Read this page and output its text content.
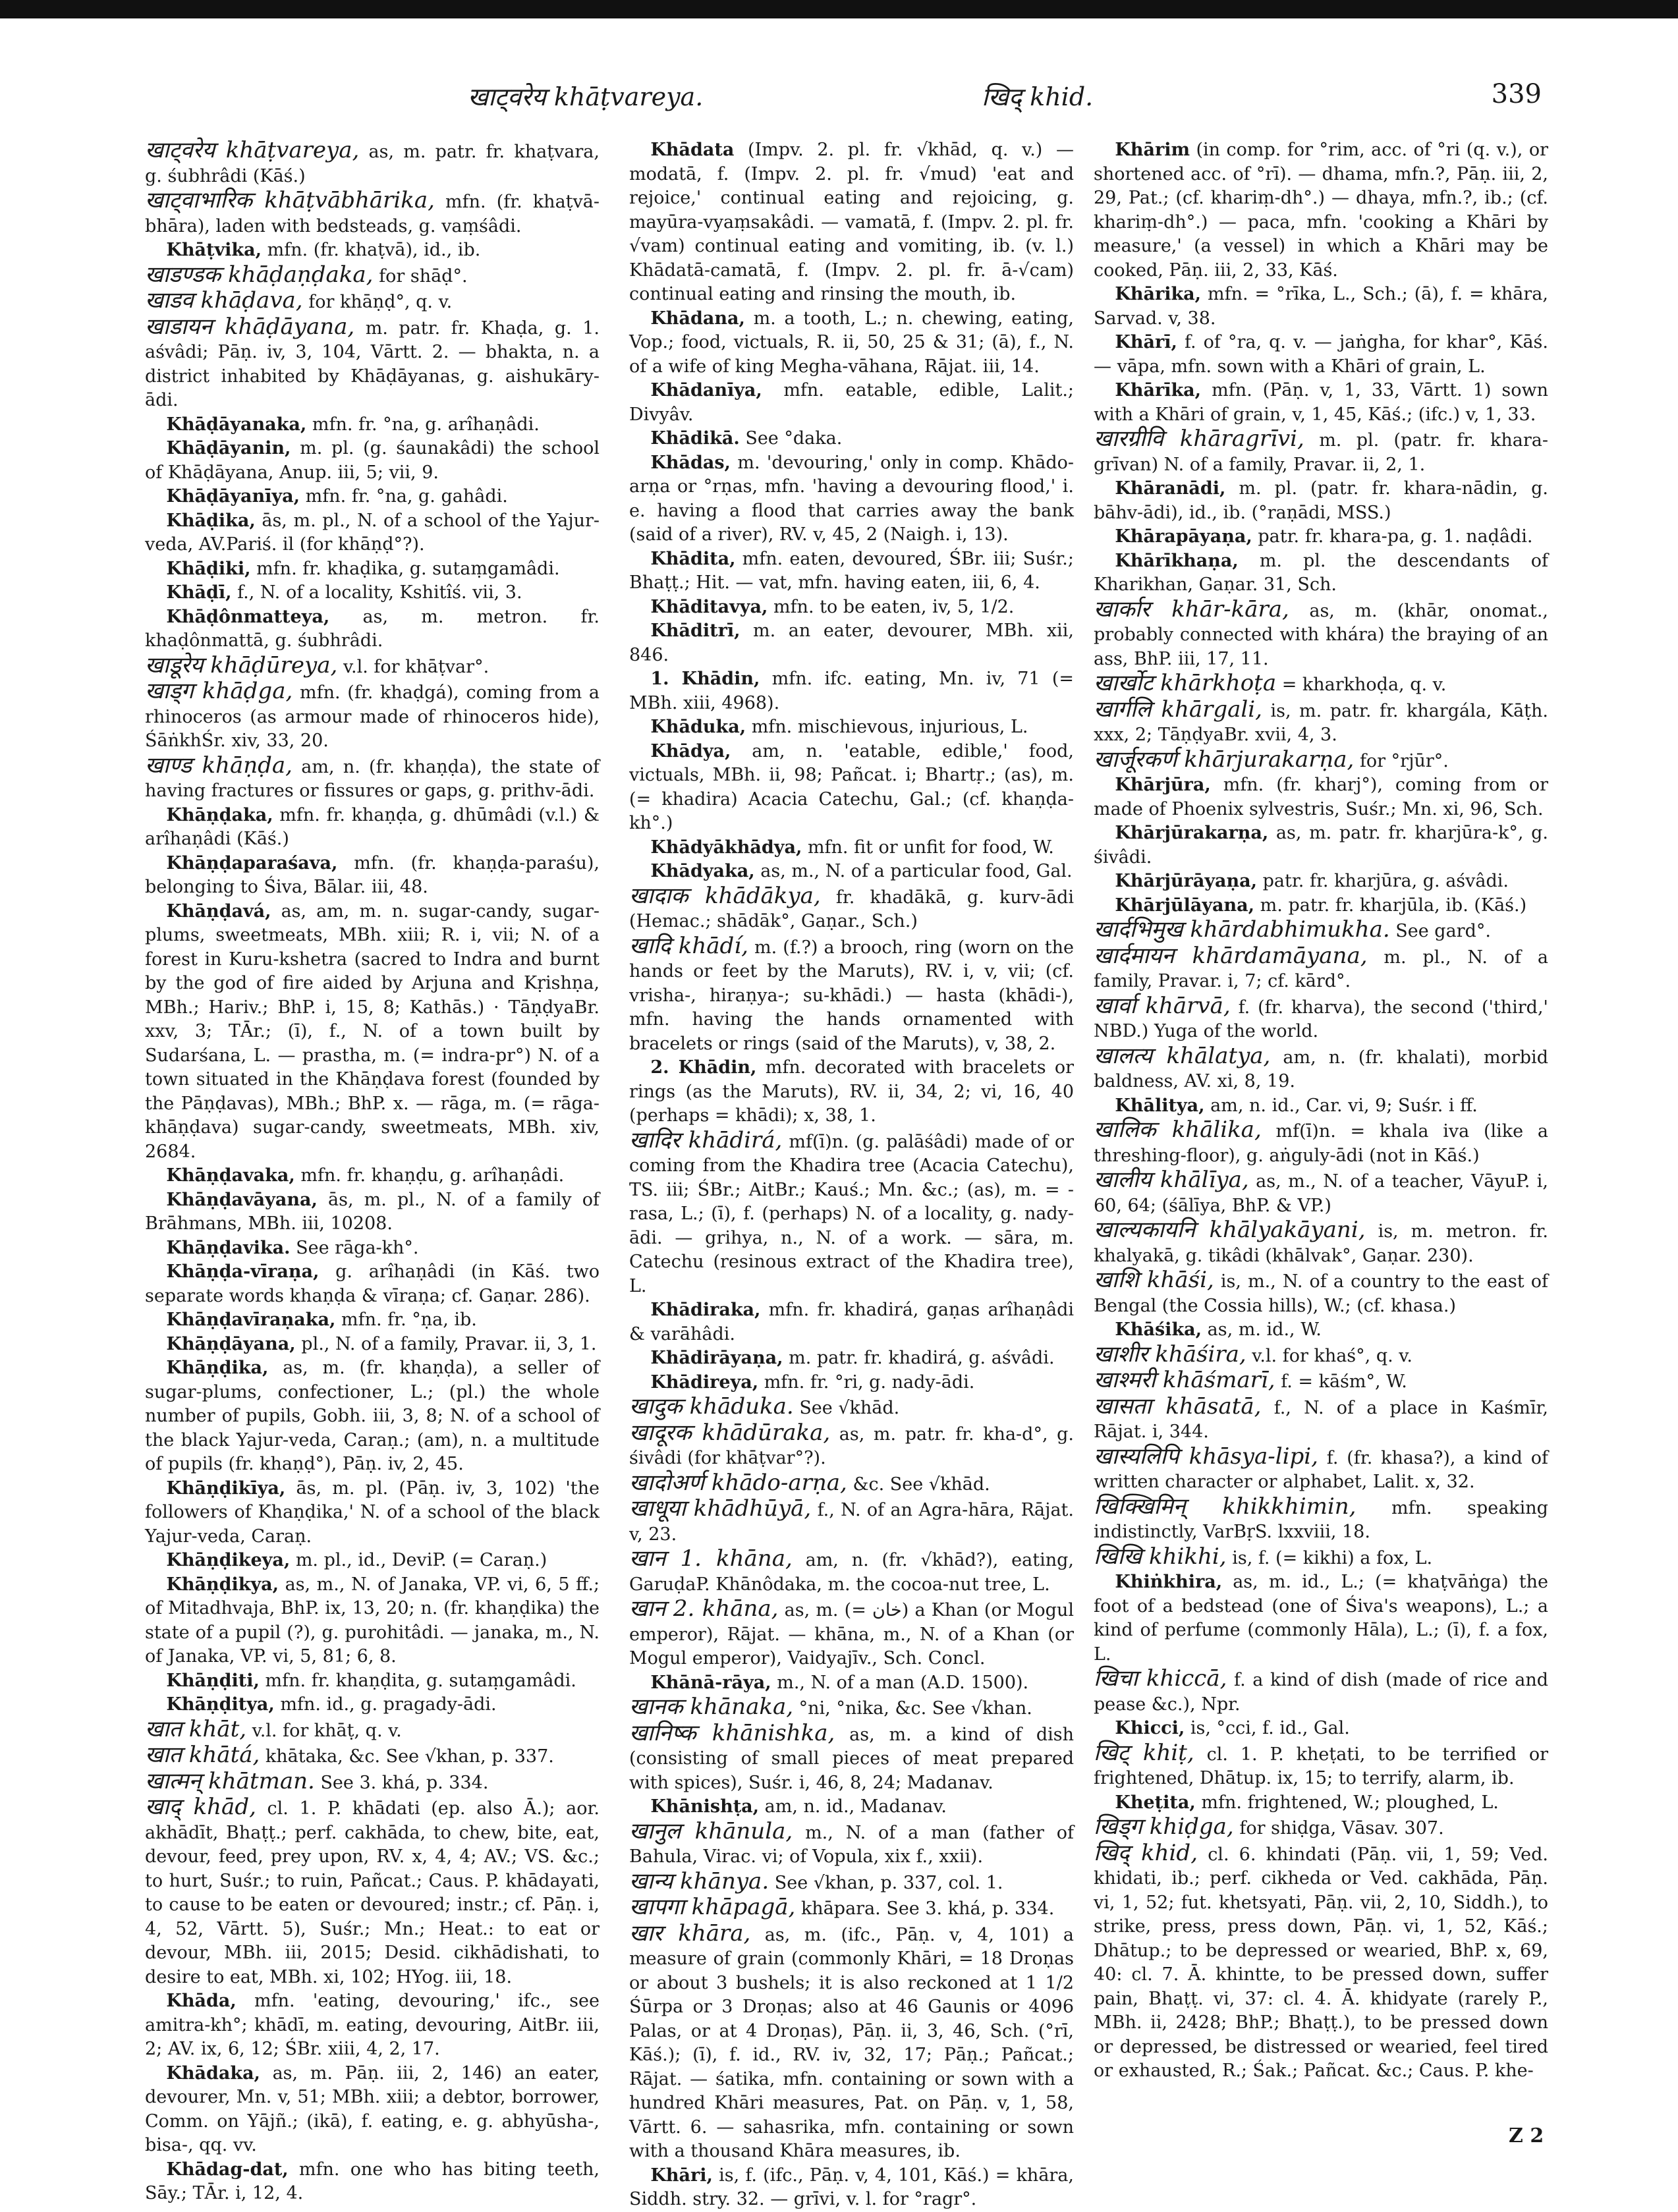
खाट्वरेय khāṭvareya.	खिद् khid.	339

खाट्वरेय khāṭvareya, as, m. patr. fr. khaṭvara, g. śubhrâdi (Kāś.)

खाट्वाभारिक khāṭvābhārika, mfn. (fr. khaṭvā-bhāra), laden with bedsteads, g. vaṃśâdi.

Khāṭvika, mfn. (fr. khaṭvā), id., ib.

खाडण्डक khāḍaṇḍaka, for shāḍ°.

खाडव khāḍava, for khāṇḍ°, q. v.

खाडायन khāḍāyana, m. patr. fr. Khaḍa, g. 1. aśvâdi; Pāṇ. iv, 3, 104, Vārtt. 2. — bhakta, n. a district inhabited by Khāḍāyanas, g. aishukāry-ādi.

Khāḍāyanaka, mfn. fr. °na, g. arîhaṇâdi.

Khāḍāyanin, m. pl. (g. śaunakâdi) the school of Khāḍāyana, Anup. iii, 5; vii, 9.

Khāḍāyanīya, mfn. fr. °na, g. gahâdi.

Khāḍika, ās, m. pl., N. of a school of the Yajur-veda, AV.Pariś. il (for khāṇḍ°?).

Khāḍiki, mfn. fr. khaḍika, g. sutaṃgamâdi.

Khāḍī, f., N. of a locality, Kshitîś. vii, 3.

Khāḍônmatteya, as, m. metron. fr. khaḍônmattā, g. śubhrâdi.

खाडूरेय khāḍūreya, v.l. for khāṭvar°.

खाड्ग khāḍga, mfn. (fr. khaḍgá), coming from a rhinoceros (as armour made of rhinoceros hide), ŚāṅkhŚr. xiv, 33, 20.

खाण्ड khāṇḍa, am, n. (fr. khaṇḍa), the state of having fractures or fissures or gaps, g. prithv-ādi.

Khāṇḍaka, mfn. fr. khaṇḍa, g. dhūmâdi (v.l.) & arîhaṇâdi (Kāś.)

Khāṇḍaparaśava, mfn. (fr. khaṇḍa-paraśu), belonging to Śiva, Bālar. iii, 48.

Khāṇḍavá, as, am, m. n. sugar-candy, sugar-plums, sweetmeats, MBh. xiii; R. i, vii; N. of a forest in Kuru-kshetra (sacred to Indra and burnt by the god of fire aided by Arjuna and Kṛishṇa, MBh.; Hariv.; BhP. i, 15, 8; Kathās.) · TāṇḍyaBr. xxv, 3; TĀr.; (ī), f., N. of a town built by Sudarśana, L. — prastha, m. (= indra-pr°) N. of a town situated in the Khāṇḍava forest (founded by the Pāṇḍavas), MBh.; BhP. x. — rāga, m. (= rāga-khāṇḍava) sugar-candy, sweetmeats, MBh. xiv, 2684.

Khāṇḍavaka, mfn. fr. khaṇḍu, g. arîhaṇâdi.

Khāṇḍavāyana, ās, m. pl., N. of a family of Brāhmans, MBh. iii, 10208.

Khāṇḍavika. See rāga-kh°.

Khāṇḍa-vīraṇa, g. arîhaṇâdi (in Kāś. two separate words khaṇḍa & vīraṇa; cf. Gaṇar. 286).

Khāṇḍavīraṇaka, mfn. fr. °ṇa, ib.

Khāṇḍāyana, pl., N. of a family, Pravar. ii, 3, 1.

Khāṇḍika, as, m. (fr. khaṇḍa), a seller of sugar-plums, confectioner, L.; (pl.) the whole number of pupils, Gobh. iii, 3, 8; N. of a school of the black Yajur-veda, Caraṇ.; (am), n. a multitude of pupils (fr. khaṇḍ°), Pāṇ. iv, 2, 45.

Khāṇḍikīya, ās, m. pl. (Pāṇ. iv, 3, 102) 'the followers of Khaṇḍika,' N. of a school of the black Yajur-veda, Caraṇ.

Khāṇḍikeya, m. pl., id., DeviP. (= Caraṇ.)

Khāṇḍikya, as, m., N. of Janaka, VP. vi, 6, 5 ff.; of Mitadhvaja, BhP. ix, 13, 20; n. (fr. khaṇḍika) the state of a pupil (?), g. purohitâdi. — janaka, m., N. of Janaka, VP. vi, 5, 81; 6, 8.

Khāṇḍiti, mfn. fr. khaṇḍita, g. sutaṃgamâdi.

Khāṇḍitya, mfn. id., g. pragady-ādi.

खात khāt, v.l. for khāṭ, q. v.

खात khātá, khātaka, &c. See √khan, p. 337.

खात्मन् khātman. See 3. khá, p. 334.

खाद् khād, cl. 1. P. khādati (ep. also Ā.); aor. akhādīt, Bhaṭṭ.; perf. cakhāda, to chew, bite, eat, devour, feed, prey upon, RV. x, 4, 4; AV.; VS. &c.; to hurt, Suśr.; to ruin, Pañcat.; Caus. P. khādayati, to cause to be eaten or devoured; instr.; cf. Pāṇ. i, 4, 52, Vārtt. 5), Suśr.; Mn.; Heat.: to eat or devour, MBh. iii, 2015; Desid. cikhādishati, to desire to eat, MBh. xi, 102; HYog. iii, 18.

Khāda, mfn. 'eating, devouring,' ifc., see amitra-kh°; khādī, m. eating, devouring, AitBr. iii, 2; AV. ix, 6, 12; ŚBr. xiii, 4, 2, 17.

Khādaka, as, m. Pāṇ. iii, 2, 146) an eater, devourer, Mn. v, 51; MBh. xiii; a debtor, borrower, Comm. on Yājñ.; (ikā), f. eating, e. g. abhyūsha-, bisa-, qq. vv.

Khādag-dat, mfn. one who has biting teeth, Sāy.; TĀr. i, 12, 4.

Khādata (Impv. 2. pl. fr. √khād, q. v.) — modatā, f. (Impv. 2. pl. fr. √mud) 'eat and rejoice,' continual eating and rejoicing, g. mayūra-vyaṃsakâdi. — vamatā, f. (Impv. 2. pl. fr. √vam) continual eating and vomiting, ib. (v. l.) Khādatā-camatā, f. (Impv. 2. pl. fr. ā-√cam) continual eating and rinsing the mouth, ib.

Khādana, m. a tooth, L.; n. chewing, eating, Vop.; food, victuals, R. ii, 50, 25 & 31; (ā), f., N. of a wife of king Megha-vāhana, Rājat. iii, 14.

Khādanīya, mfn. eatable, edible, Lalit.; Divyâv.

Khādikā. See °daka.

Khādas, m. 'devouring,' only in comp. Khādo-arṇa or °rṇas, mfn. 'having a devouring flood,' i. e. having a flood that carries away the bank (said of a river), RV. v, 45, 2 (Naigh. i, 13).

Khādita, mfn. eaten, devoured, ŚBr. iii; Suśr.; Bhaṭṭ.; Hit. — vat, mfn. having eaten, iii, 6, 4.

Khāditavya, mfn. to be eaten, iv, 5, 1/2.

Khāditrī, m. an eater, devourer, MBh. xii, 846.

1. Khādin, mfn. ifc. eating, Mn. iv, 71 (= MBh. xiii, 4968).

Khāduka, mfn. mischievous, injurious, L.

Khādya, am, n. 'eatable, edible,' food, victuals, MBh. ii, 98; Pañcat. i; Bhartṛ.; (as), m. (= khadira) Acacia Catechu, Gal.; (cf. khaṇḍa-kh°.)

Khādyākhādya, mfn. fit or unfit for food, W.

Khādyaka, as, m., N. of a particular food, Gal.

खादाक khādākya, fr. khadākā, g. kurv-ādi (Hemac.; shādāk°, Gaṇar., Sch.)

खादि khādí, m. (f.?) a brooch, ring (worn on the hands or feet by the Maruts), RV. i, v, vii; (cf. vrisha-, hiraṇya-; su-khādi.) — hasta (khādi-), mfn. having the hands ornamented with bracelets or rings (said of the Maruts), v, 38, 2.

2. Khādin, mfn. decorated with bracelets or rings (as the Maruts), RV. ii, 34, 2; vi, 16, 40 (perhaps = khādi); x, 38, 1.

खादिर khādirá, mf(ī)n. (g. palāśâdi) made of or coming from the Khadira tree (Acacia Catechu), TS. iii; ŚBr.; AitBr.; Kauś.; Mn. &c.; (as), m. = -rasa, L.; (ī), f. (perhaps) N. of a locality, g. nady-ādi. — grihya, n., N. of a work. — sāra, m. Catechu (resinous extract of the Khadira tree), L.

Khādiraka, mfn. fr. khadirá, gaṇas arîhaṇâdi & varāhâdi.

Khādirāyaṇa, m. patr. fr. khadirá, g. aśvâdi.

Khādireya, mfn. fr. °ri, g. nady-ādi.

खादुक khāduka. See √khād.

खादूरक khādūraka, as, m. patr. fr. kha-d°, g. śivâdi (for khāṭvar°?).

खादोअर्ण khādo-arṇa, &c. See √khād.

खाधूया khādhūyā, f., N. of an Agra-hāra, Rājat. v, 23.

खान 1. khāna, am, n. (fr. √khād?), eating, GaruḍaP. Khānôdaka, m. the cocoa-nut tree, L.

खान 2. khāna, as, m. (= خان) a Khan (or Mogul emperor), Rājat. — khāna, m., N. of a Khan (or Mogul emperor), Vaidyajīv., Sch. Concl.

Khānā-rāya, m., N. of a man (A.D. 1500).

खानक khānaka, °ni, °nika, &c. See √khan.

खानिष्क khānishka, as, m. a kind of dish (consisting of small pieces of meat prepared with spices), Suśr. i, 46, 8, 24; Madanav.

Khānishṭa, am, n. id., Madanav.

खानुल khānula, m., N. of a man (father of Bahula, Virac. vi; of Vopula, xix f., xxii).

खान्य khānya. See √khan, p. 337, col. 1.

खापगा khāpagā, khāpara. See 3. khá, p. 334.

खार khāra, as, m. (ifc., Pāṇ. v, 4, 101) a measure of grain (commonly Khāri, = 18 Droṇas or about 3 bushels; it is also reckoned at 1 1/2 Śūrpa or 3 Droṇas; also at 46 Gaunis or 4096 Palas, or at 4 Droṇas), Pāṇ. ii, 3, 46, Sch. (°rī, Kāś.); (ī), f. id., RV. iv, 32, 17; Pāṇ.; Pañcat.; Rājat. — śatika, mfn. containing or sown with a hundred Khāri measures, Pat. on Pāṇ. v, 1, 58, Vārtt. 6. — sahasrika, mfn. containing or sown with a thousand Khāra measures, ib.

Khāri, is, f. (ifc., Pāṇ. v, 4, 101, Kāś.) = khāra, Siddh. stry. 32. — grīvi, v. l. for °ragr°.

Khārim (in comp. for °rim, acc. of °ri (q. v.), or shortened acc. of °rī). — dhama, mfn.?, Pāṇ. iii, 2, 29, Pat.; (cf. khariṃ-dh°.) — dhaya, mfn.?, ib.; (cf. khariṃ-dh°.) — paca, mfn. 'cooking a Khāri by measure,' (a vessel) in which a Khāri may be cooked, Pāṇ. iii, 2, 33, Kāś.

Khārika, mfn. = °rīka, L., Sch.; (ā), f. = khāra, Sarvad. v, 38.

Khārī, f. of °ra, q. v. — jaṅgha, for khar°, Kāś. — vāpa, mfn. sown with a Khāri of grain, L.

Khārīka, mfn. (Pāṇ. v, 1, 33, Vārtt. 1) sown with a Khāri of grain, v, 1, 45, Kāś.; (ifc.) v, 1, 33.

खारग्रीवि khāragrīvi, m. pl. (patr. fr. khara-grīvan) N. of a family, Pravar. ii, 2, 1.

Khāranādi, m. pl. (patr. fr. khara-nādin, g. bāhv-ādi), id., ib. (°raṇādi, MSS.)

Khārapāyaṇa, patr. fr. khara-pa, g. 1. naḍâdi.

Khārīkhaṇa, m. pl. the descendants of Kharikhan, Gaṇar. 31, Sch.

खार्कार khār-kāra, as, m. (khār, onomat., probably connected with khára) the braying of an ass, BhP. iii, 17, 11.

खार्खोट khārkhoṭa = kharkhoḍa, q. v.

खार्गलि khārgali, is, m. patr. fr. khargála, Kāṭh. xxx, 2; TāṇḍyaBr. xvii, 4, 3.

खार्जूरकर्ण khārjurakarṇa, for °rjūr°.

Khārjūra, mfn. (fr. kharj°), coming from or made of Phoenix sylvestris, Suśr.; Mn. xi, 96, Sch.

Khārjūrakarṇa, as, m. patr. fr. kharjūra-k°, g. śivâdi.

Khārjūrāyaṇa, patr. fr. kharjūra, g. aśvâdi.

Khārjūlāyana, m. patr. fr. kharjūla, ib. (Kāś.)

खार्दभिमुख khārdabhimukha. See gard°.

खार्दमायन khārdamāyana, m. pl., N. of a family, Pravar. i, 7; cf. kārd°.

खार्वा khārvā, f. (fr. kharva), the second ('third,' NBD.) Yuga of the world.

खालत्य khālatya, am, n. (fr. khalati), morbid baldness, AV. xi, 8, 19.

Khālitya, am, n. id., Car. vi, 9; Suśr. i ff.

खालिक khālika, mf(ī)n. = khala iva (like a threshing-floor), g. aṅguly-ādi (not in Kāś.)

खालीय khālīya, as, m., N. of a teacher, VāyuP. i, 60, 64; (śālīya, BhP. & VP.)

खाल्यकायनि khālyakāyani, is, m. metron. fr. khalyakā, g. tikâdi (khālvak°, Gaṇar. 230).

खाशि khāśi, is, m., N. of a country to the east of Bengal (the Cossia hills), W.; (cf. khasa.)

Khāśika, as, m. id., W.

खाशीर khāśira, v.l. for khaś°, q. v.

खाश्मरी khāśmarī, f. = kāśm°, W.

खासता khāsatā, f., N. of a place in Kaśmīr, Rājat. i, 344.

खास्यलिपि khāsya-lipi, f. (fr. khasa?), a kind of written character or alphabet, Lalit. x, 32.

खिक्खिमिन् khikkhimin, mfn. speaking indistinctly, VarBṛS. lxxviii, 18.

खिखि khikhi, is, f. (= kikhi) a fox, L.

Khiṅkhira, as, m. id., L.; (= khaṭvāṅga) the foot of a bedstead (one of Śiva's weapons), L.; a kind of perfume (commonly Hāla), L.; (ī), f. a fox, L.

खिचा khiccā, f. a kind of dish (made of rice and pease &c.), Npr.

Khicci, is, °cci, f. id., Gal.

खिट् khiṭ, cl. 1. P. kheṭati, to be terrified or frightened, Dhātup. ix, 15; to terrify, alarm, ib.

Kheṭita, mfn. frightened, W.; ploughed, L.

खिड्ग khiḍga, for shiḍga, Vāsav. 307.

खिद् khid, cl. 6. khindati (Pāṇ. vii, 1, 59; Ved. khidati, ib.; perf. cikheda or Ved. cakhāda, Pāṇ. vi, 1, 52; fut. khetsyati, Pāṇ. vii, 2, 10, Siddh.), to strike, press, press down, Pāṇ. vi, 1, 52, Kāś.; Dhātup.; to be depressed or wearied, BhP. x, 69, 40: cl. 7. Ā. khintte, to be pressed down, suffer pain, Bhaṭṭ. vi, 37: cl. 4. Ā. khidyate (rarely P., MBh. ii, 2428; BhP.; Bhaṭṭ.), to be pressed down or depressed, be distressed or wearied, feel tired or exhausted, R.; Śak.; Pañcat. &c.; Caus. P. khe-

Z 2
